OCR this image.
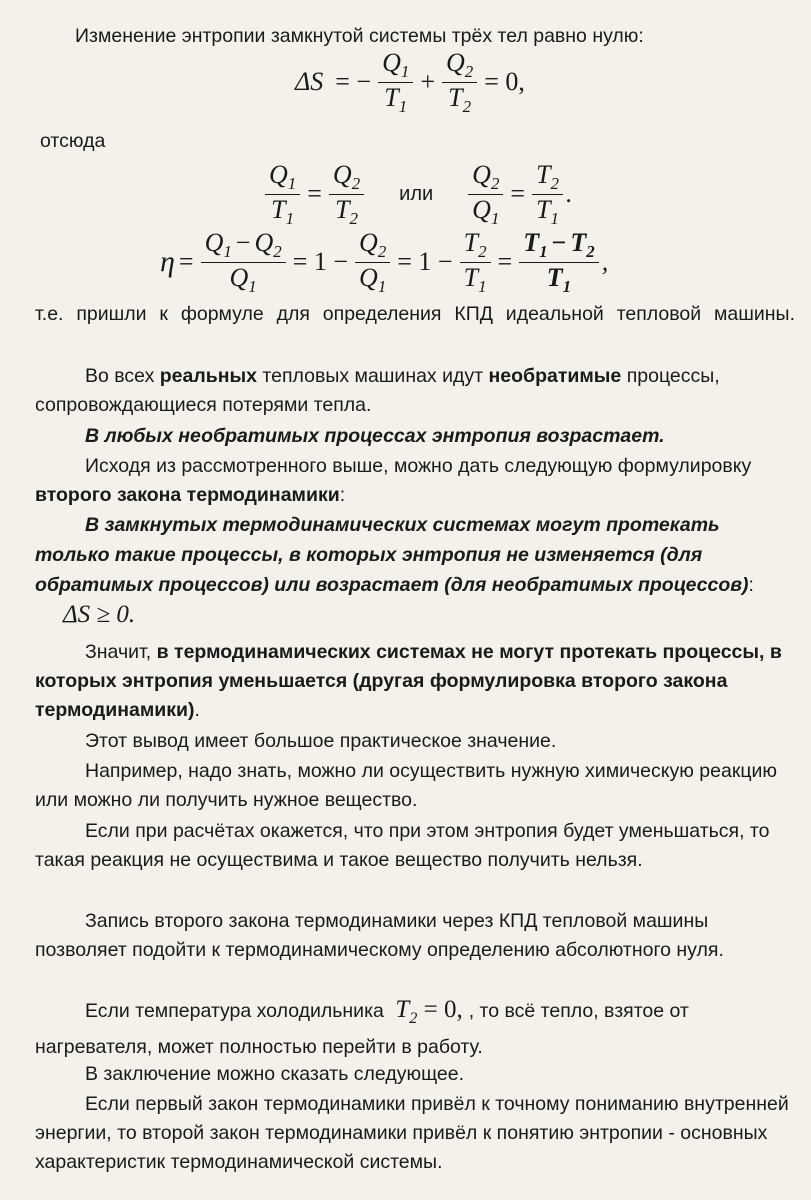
Изменение энтропии замкнутой системы трёх тел равно нулю:

ΔS = − $\frac{Q_1}{T_1} + \frac{Q_2}{T_2} = 0$,

отсюда

$\frac{Q_1}{T_1} = \frac{Q_2}{T_2}$ или $\frac{Q_2}{Q_1} = \frac{T_2}{T_1}$ .
$\eta = \frac{Q_1 - Q_2}{Q_1} = 1 - \frac{Q_2}{Q_1} = 1 - \frac{T_2}{T_1} = \frac{T_1 - T_2}{T_1}$ ,

т.е. пришли к формуле для определения КПД идеальной тепловой машины.

Во всех реальных тепловых машинах идут необратимые процессы, сопровождающиеся потерями тепла.

В любых необратимых процессах энтропия возрастает.

Исходя из рассмотренного выше, можно дать следующую формулировку второго закона термодинамики:

В замкнутых термодинамических системах могут протекать только такие процессы, в которых энтропия не изменяется (для обратимых процессов) или возрастает (для необратимых процессов): ΔS ≥ 0.

Значит, в термодинамических системах не могут протекать процессы, в которых энтропия уменьшается (другая формулировка второго закона термодинамики).

Этот вывод имеет большое практическое значение.

Например, надо знать, можно ли осуществить нужную химическую реакцию или можно ли получить нужное вещество.

Если при расчётах окажется, что при этом энтропия будет уменьшаться, то такая реакция не осуществима и такое вещество получить нельзя.

Запись второго закона термодинамики через КПД тепловой машины позволяет подойти к термодинамическому определению абсолютного нуля.

Если температура холодильника $T_2 = 0$, , то всё тепло, взятое от нагревателя, может полностью перейти в работу.

В заключение можно сказать следующее.

Если первый закон термодинамики привёл к точному пониманию внутренней энергии, то второй закон термодинамики привёл к понятию энтропии - основных характеристик термодинамической системы.
